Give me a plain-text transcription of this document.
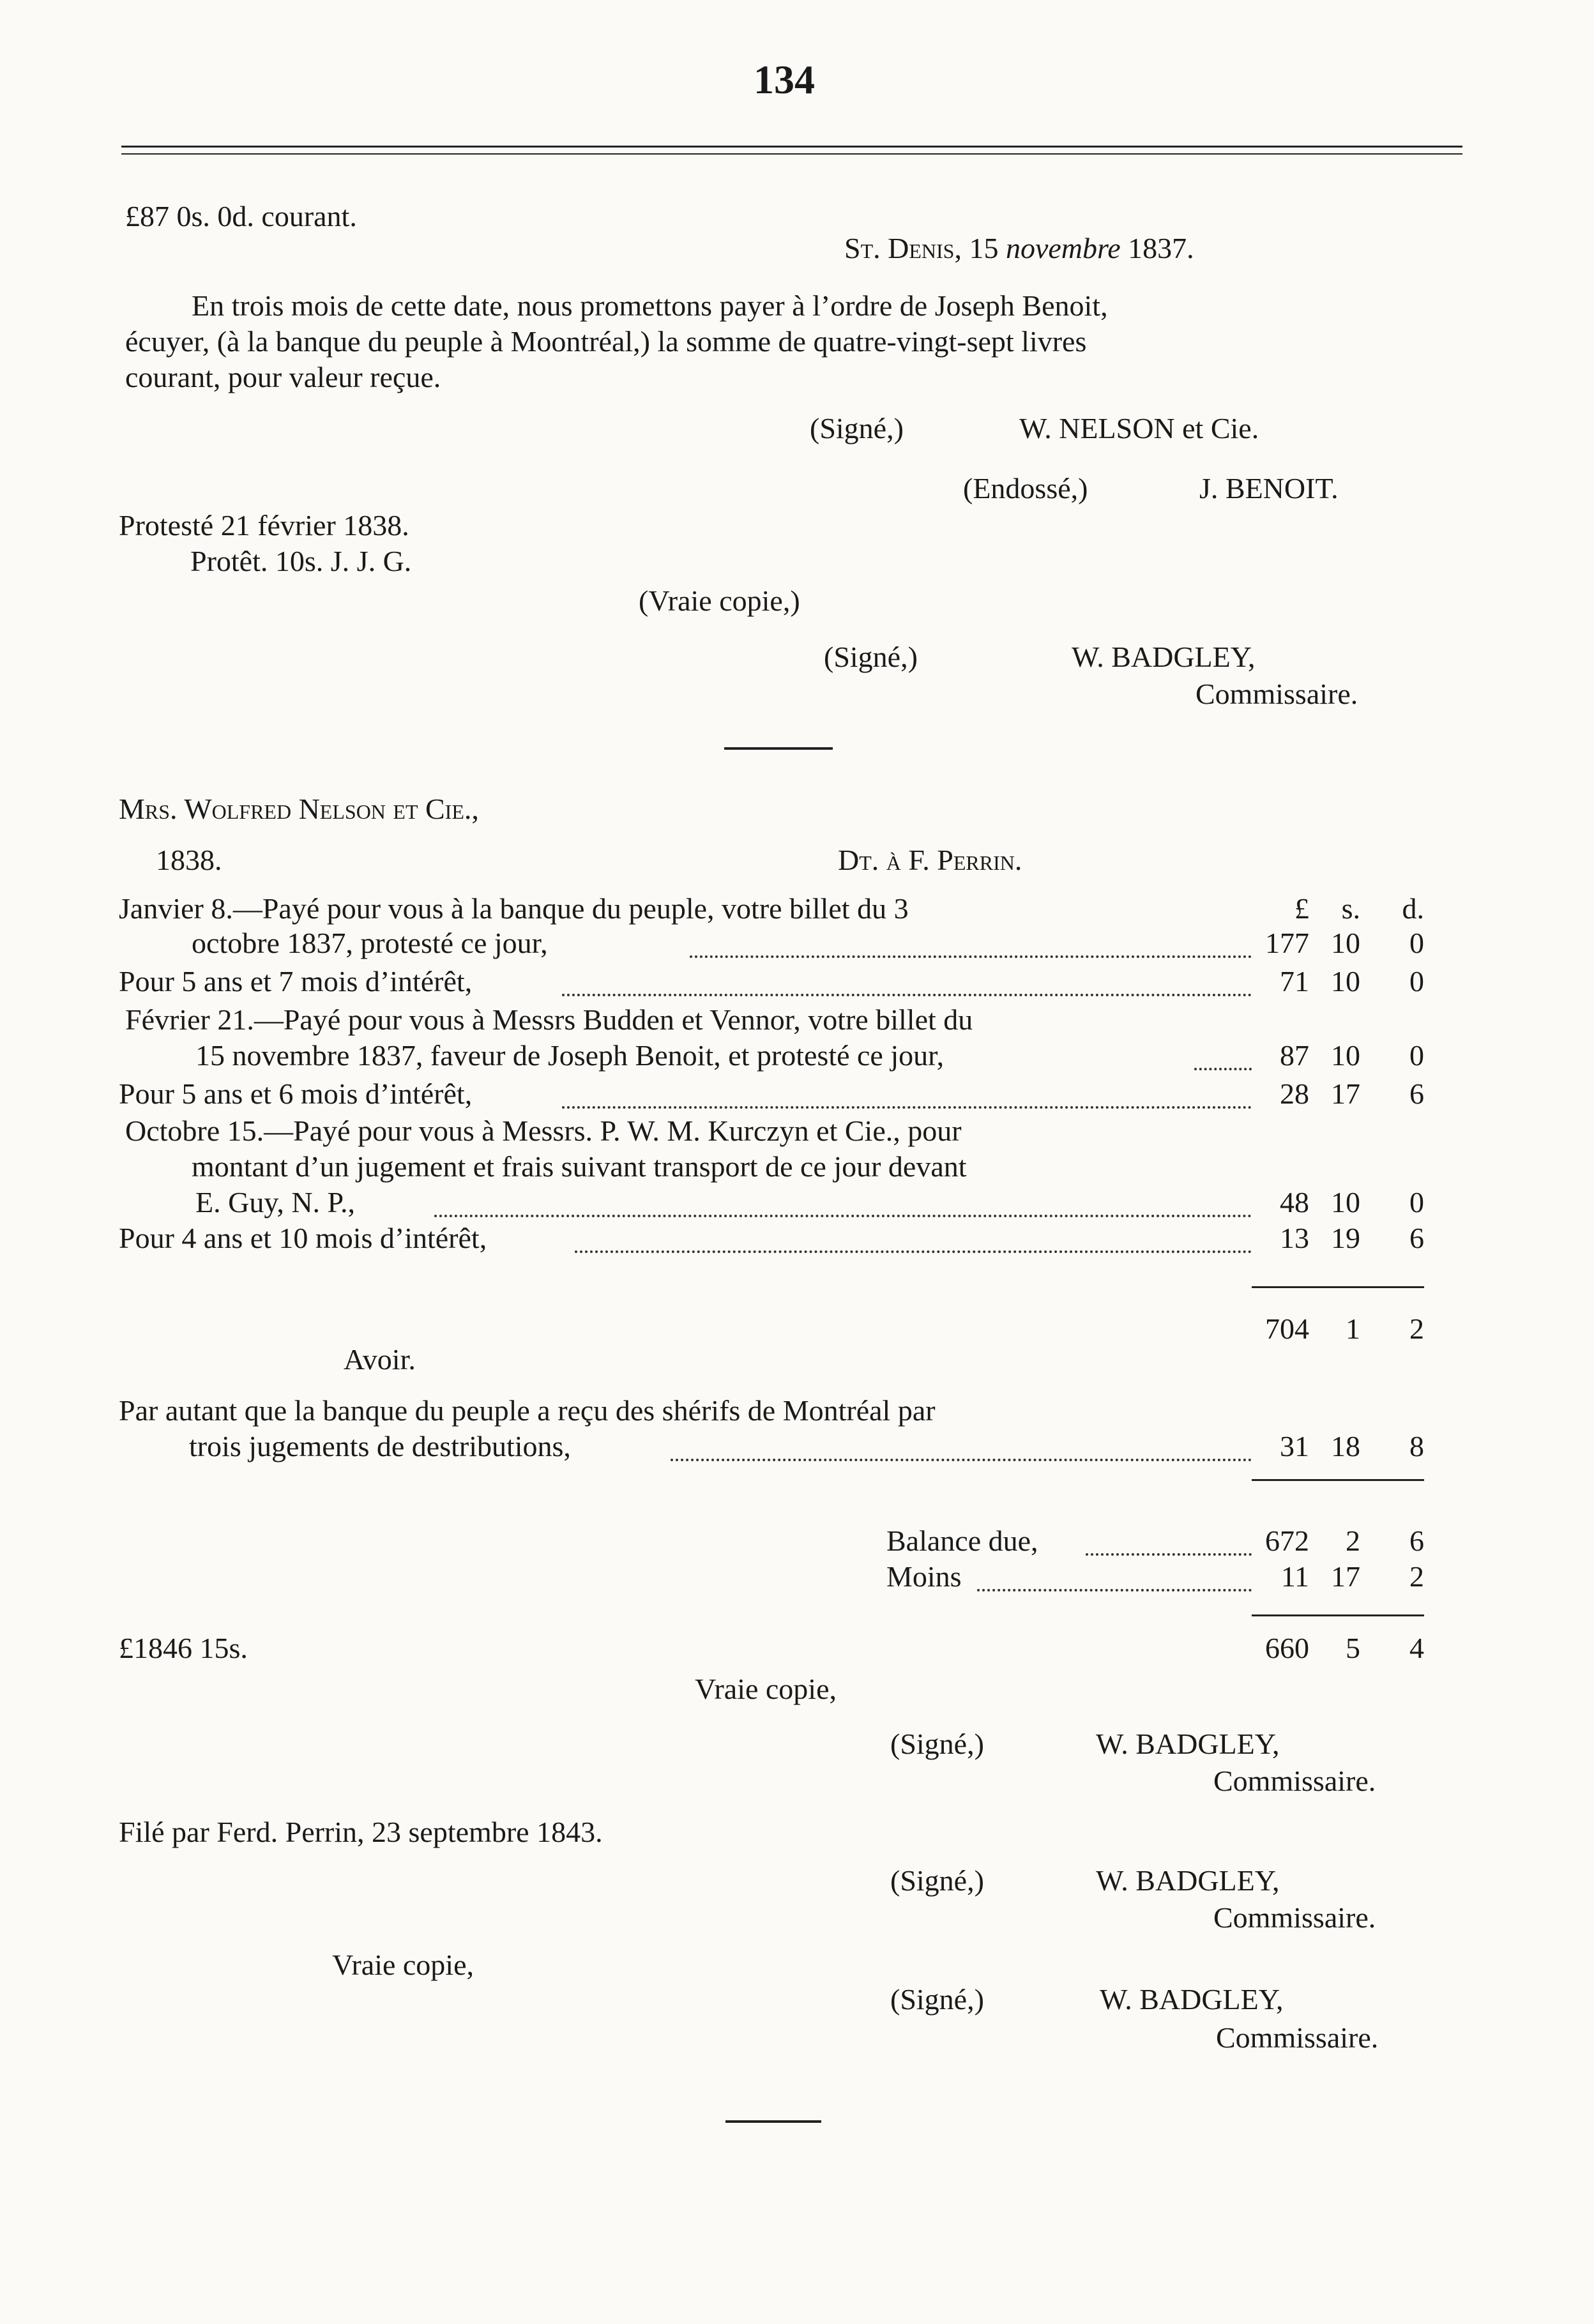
134
£87 0s. 0d. courant.
St. Denis, 15 novembre 1837.
En trois mois de cette date, nous promettons payer à l’ordre de Joseph Benoit,
écuyer, (à la banque du peuple à Moontréal,) la somme de quatre-vingt-sept livres
courant, pour valeur reçue.
(Signé,)	W. NELSON et Cie.
(Endossé,)	J. BENOIT.
Protesté 21 février 1838.
Protêt. 10s. J. J. G.
(Vraie copie,)
(Signé,)	W. BADGLEY,
Commissaire.
Mrs. Wolfred Nelson et Cie.,
1838.	Dt. à F. Perrin.
£	s.	d.
Janvier 8.—Payé pour vous à la banque du peuple, votre billet du 3
octobre 1837, protesté ce jour,	177 10	0
Pour 5 ans et 7 mois d’intérêt,	71 10	0
Février 21.—Payé pour vous à Messrs Budden et Vennor, votre billet du
15 novembre 1837, faveur de Joseph Benoit, et protesté ce jour,	87 10	0
Pour 5 ans et 6 mois d’intérêt,	28 17	6
Octobre 15.—Payé pour vous à Messrs. P. W. M. Kurczyn et Cie., pour
montant d’un jugement et frais suivant transport de ce jour devant
E. Guy, N. P.,	48 10	0
Pour 4 ans et 10 mois d’intérêt,	13 19	6
704	1	2
Avoir.
Par autant que la banque du peuple a reçu des shérifs de Montréal par
trois jugements de destributions,	31 18	8
Balance due,	672	2	6
Moins	11 17	2
£1846 15s.	660	5	4
Vraie copie,
(Signé,)	W. BADGLEY,
Commissaire.
Filé par Ferd. Perrin, 23 septembre 1843.
(Signé,)	W. BADGLEY,
Commissaire.
Vraie copie,
(Signé,)	W. BADGLEY,
Commissaire.
